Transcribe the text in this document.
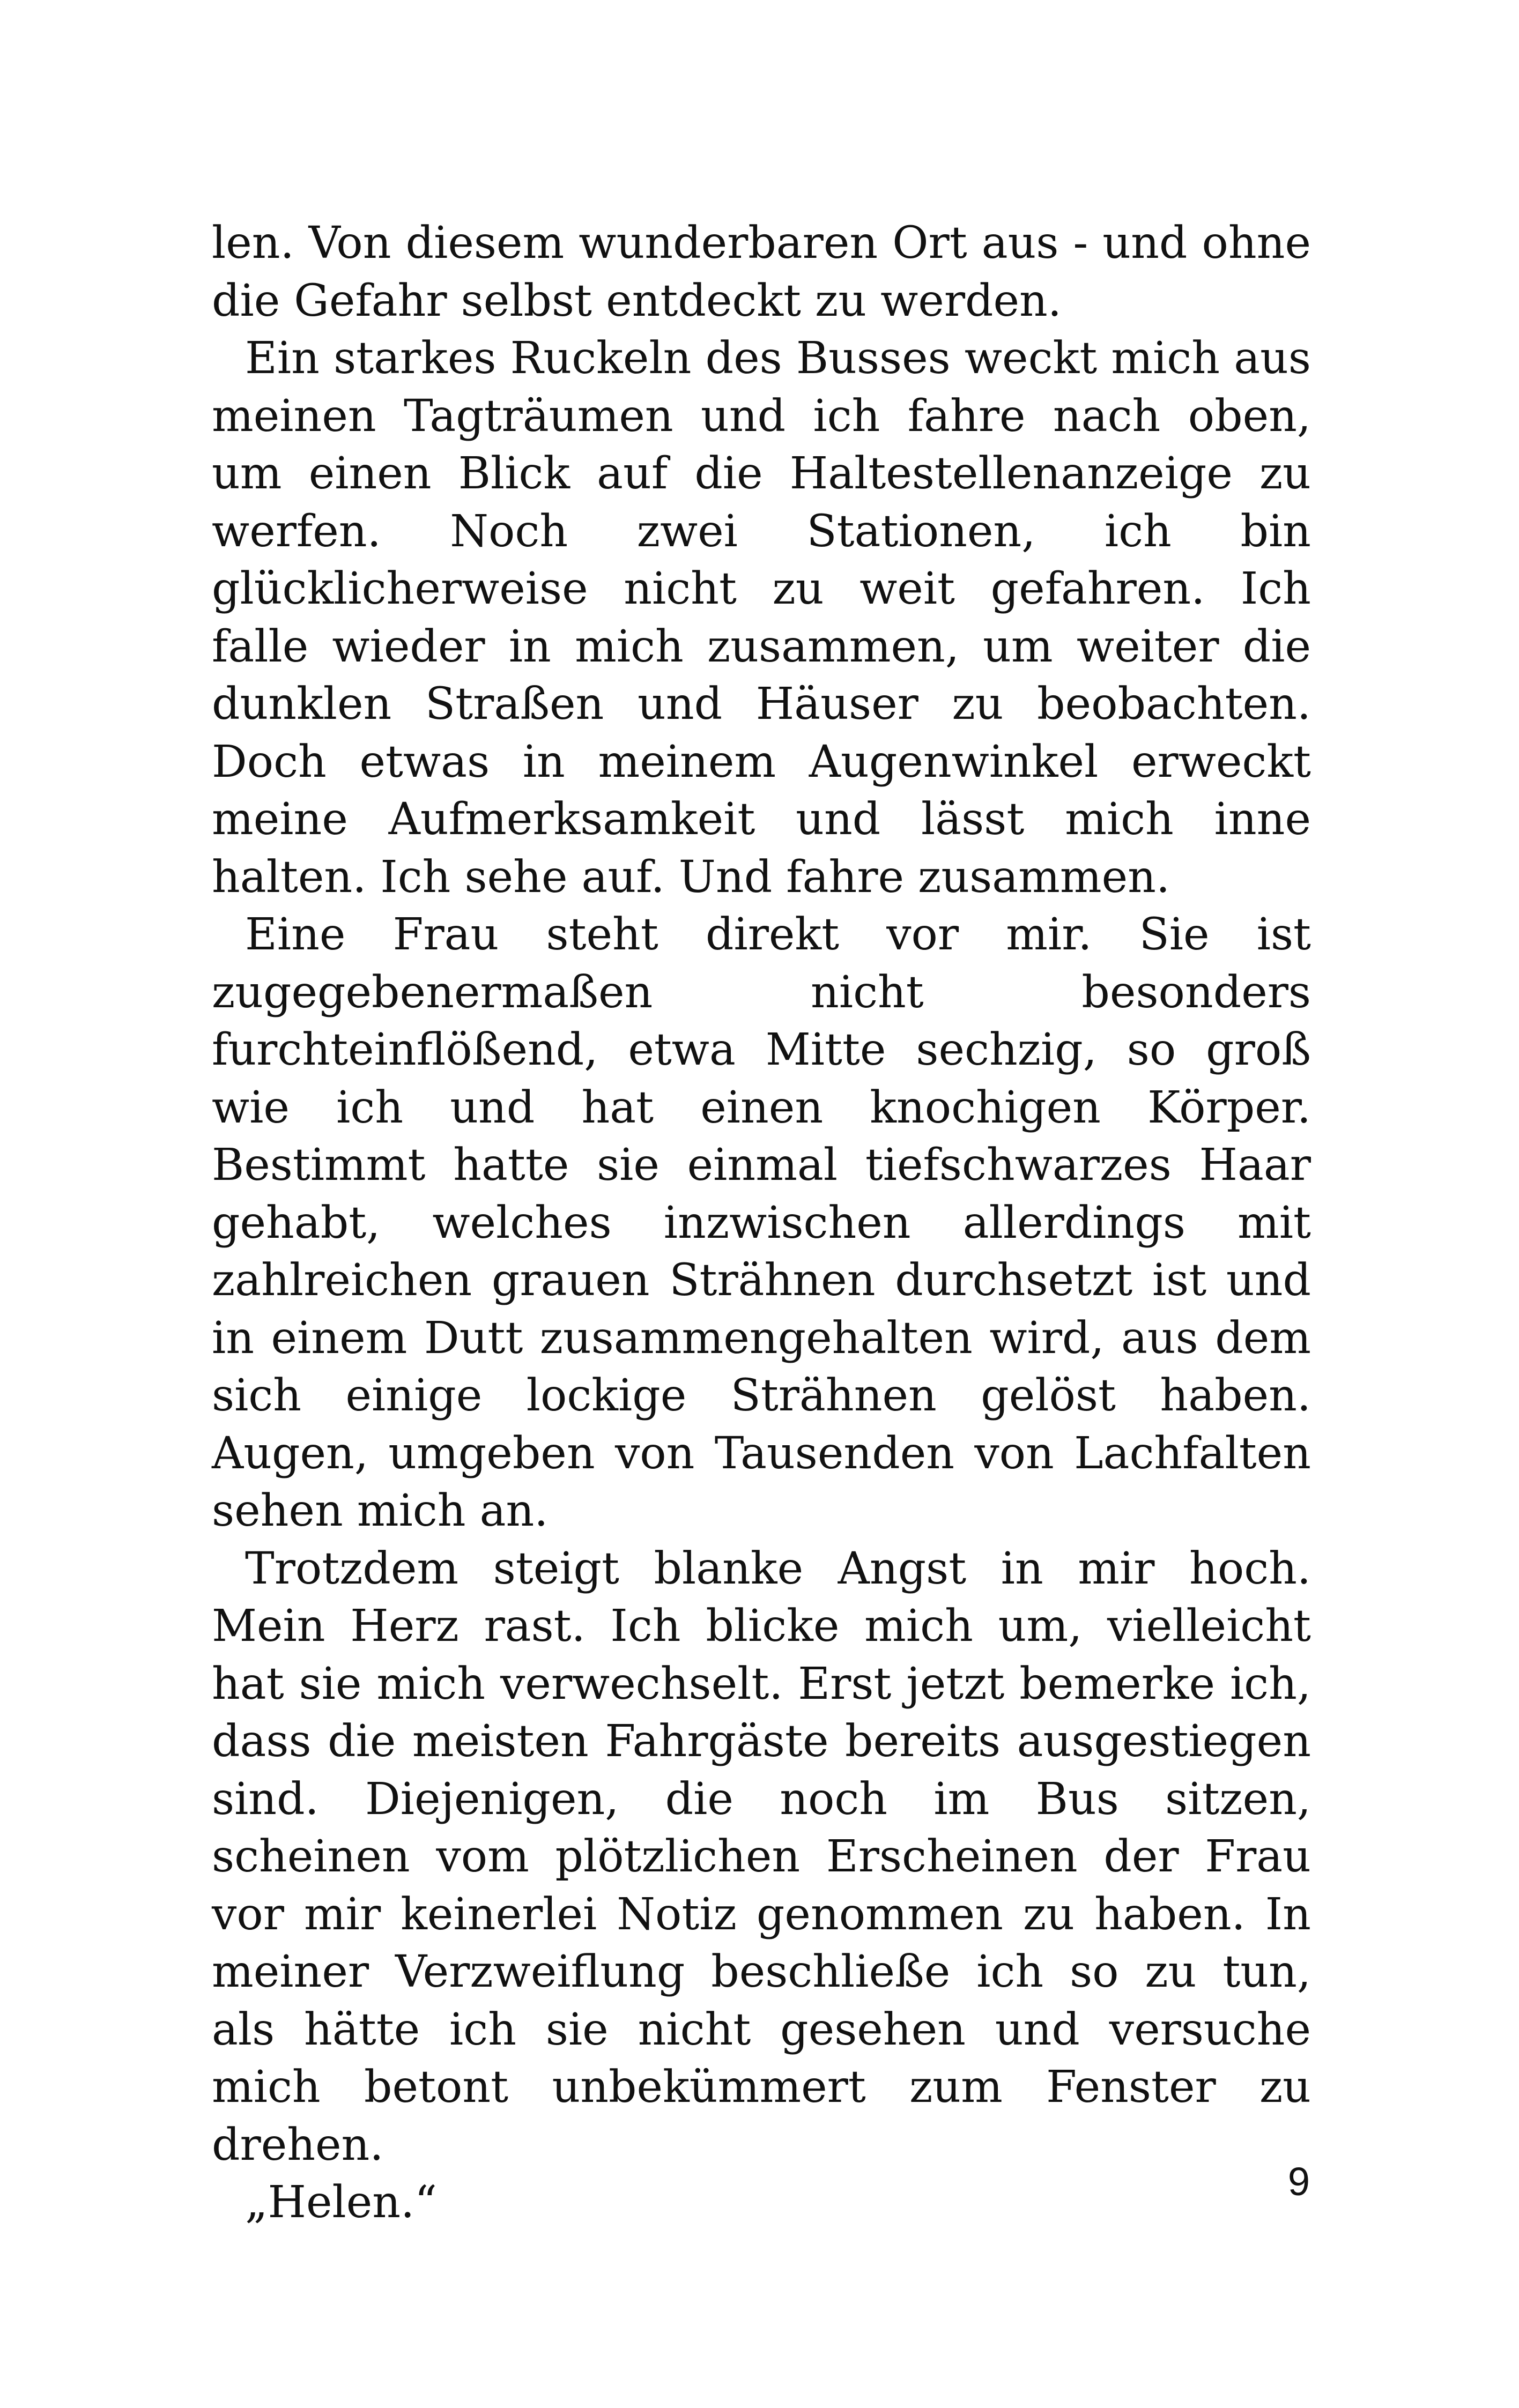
len. Von diesem wunderbaren Ort aus - und ohne die Gefahr selbst entdeckt zu werden.

Ein starkes Ruckeln des Busses weckt mich aus meinen Tagträumen und ich fahre nach oben, um einen Blick auf die Haltestellenanzeige zu werfen. Noch zwei Stationen, ich bin glücklicherweise nicht zu weit gefahren. Ich falle wieder in mich zusammen, um weiter die dunklen Straßen und Häuser zu beobachten. Doch etwas in meinem Augenwinkel erweckt meine Aufmerksamkeit und lässt mich inne halten. Ich sehe auf. Und fahre zusammen.

Eine Frau steht direkt vor mir. Sie ist zugegebenermaßen nicht besonders furchteinflößend, etwa Mitte sechzig, so groß wie ich und hat einen knochigen Körper. Bestimmt hatte sie einmal tiefschwarzes Haar gehabt, welches inzwischen allerdings mit zahlreichen grauen Strähnen durchsetzt ist und in einem Dutt zusammengehalten wird, aus dem sich einige lockige Strähnen gelöst haben. Augen, umgeben von Tausenden von Lachfalten sehen mich an.

Trotzdem steigt blanke Angst in mir hoch. Mein Herz rast. Ich blicke mich um, vielleicht hat sie mich verwechselt. Erst jetzt bemerke ich, dass die meisten Fahrgäste bereits ausgestiegen sind. Diejenigen, die noch im Bus sitzen, scheinen vom plötzlichen Erscheinen der Frau vor mir keinerlei Notiz genommen zu haben. In meiner Verzweiflung beschließe ich so zu tun, als hätte ich sie nicht gesehen und versuche mich betont unbekümmert zum Fenster zu drehen.

„Helen.“	9
